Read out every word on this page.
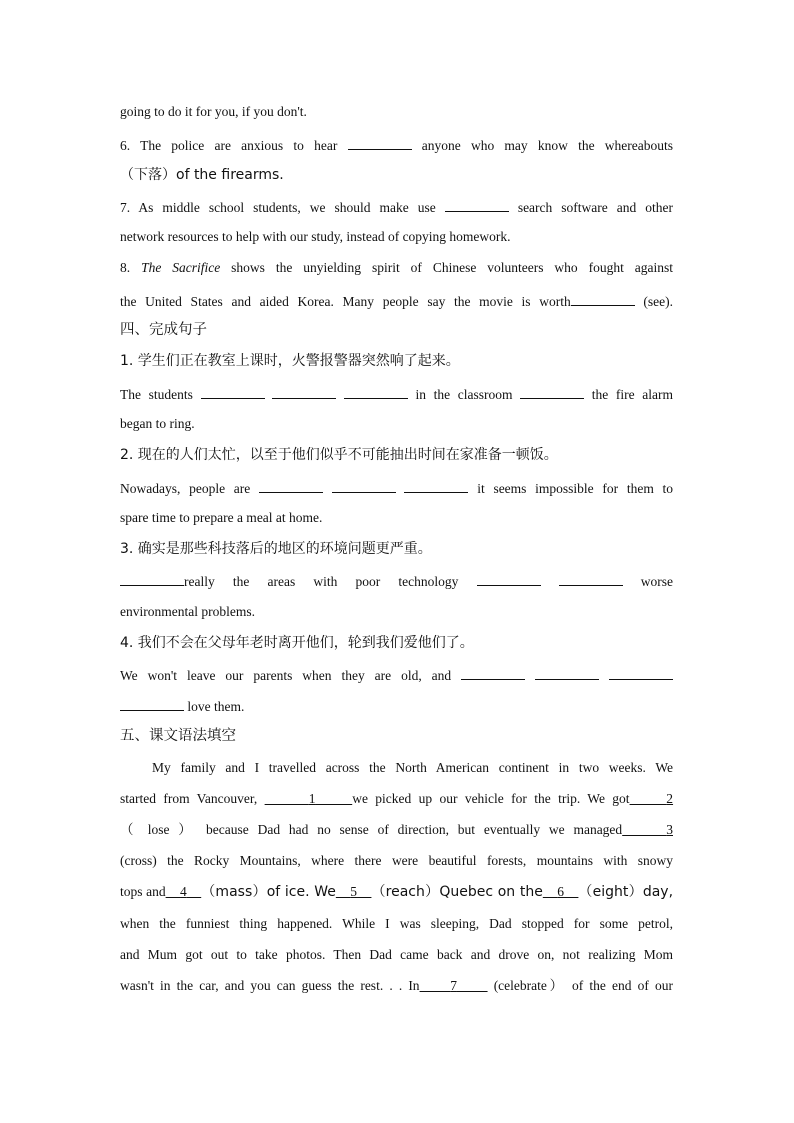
going to do it for you, if you don't.

6. The police are anxious to hear	anyone who may know the whereabouts

（下落）of the firearms.

7. As middle school students, we should make use	search software and other

network resources to help with our study, instead of copying homework.

8. The Sacrifice shows the unyielding spirit of Chinese volunteers who fought against

the United States and aided Korea. Many people say the movie is worth	(see).

四、完成句子

1. 学生们正在教室上课时，火警报警器突然响了起来。

The students	in the classroom	the fire alarm

began to ring.

2. 现在的人们太忙，以至于他们似乎不可能抽出时间在家准备一顿饭。

Nowadays, people are	it seems impossible for them to

spare time to prepare a meal at home.

3. 确实是那些科技落后的地区的环境问题更严重。

really the areas with poor technology	worse

environmental problems.

4. 我们不会在父母年老时离开他们，轮到我们爱他们了。

We won't leave our parents when they are old, and

love them.

五、课文语法填空

My family and I travelled across the North American continent in two weeks. We

started from Vancouver,	1	we picked up our vehicle for the trip. We got	2

（ lose ） because Dad had no sense of direction, but eventually we managed	3

(cross) the Rocky Mountains, where there were beautiful forests, mountains with snowy

tops and 4 （mass）of ice. We 5 （reach）Quebec on the 6 （eight）day,

when the funniest thing happened. While I was sleeping, Dad stopped for some petrol,

and Mum got out to take photos. Then Dad came back and drove on, not realizing Mom

wasn't in the car, and you can guess the rest. . . In 7	(celebrate） of the end of our
